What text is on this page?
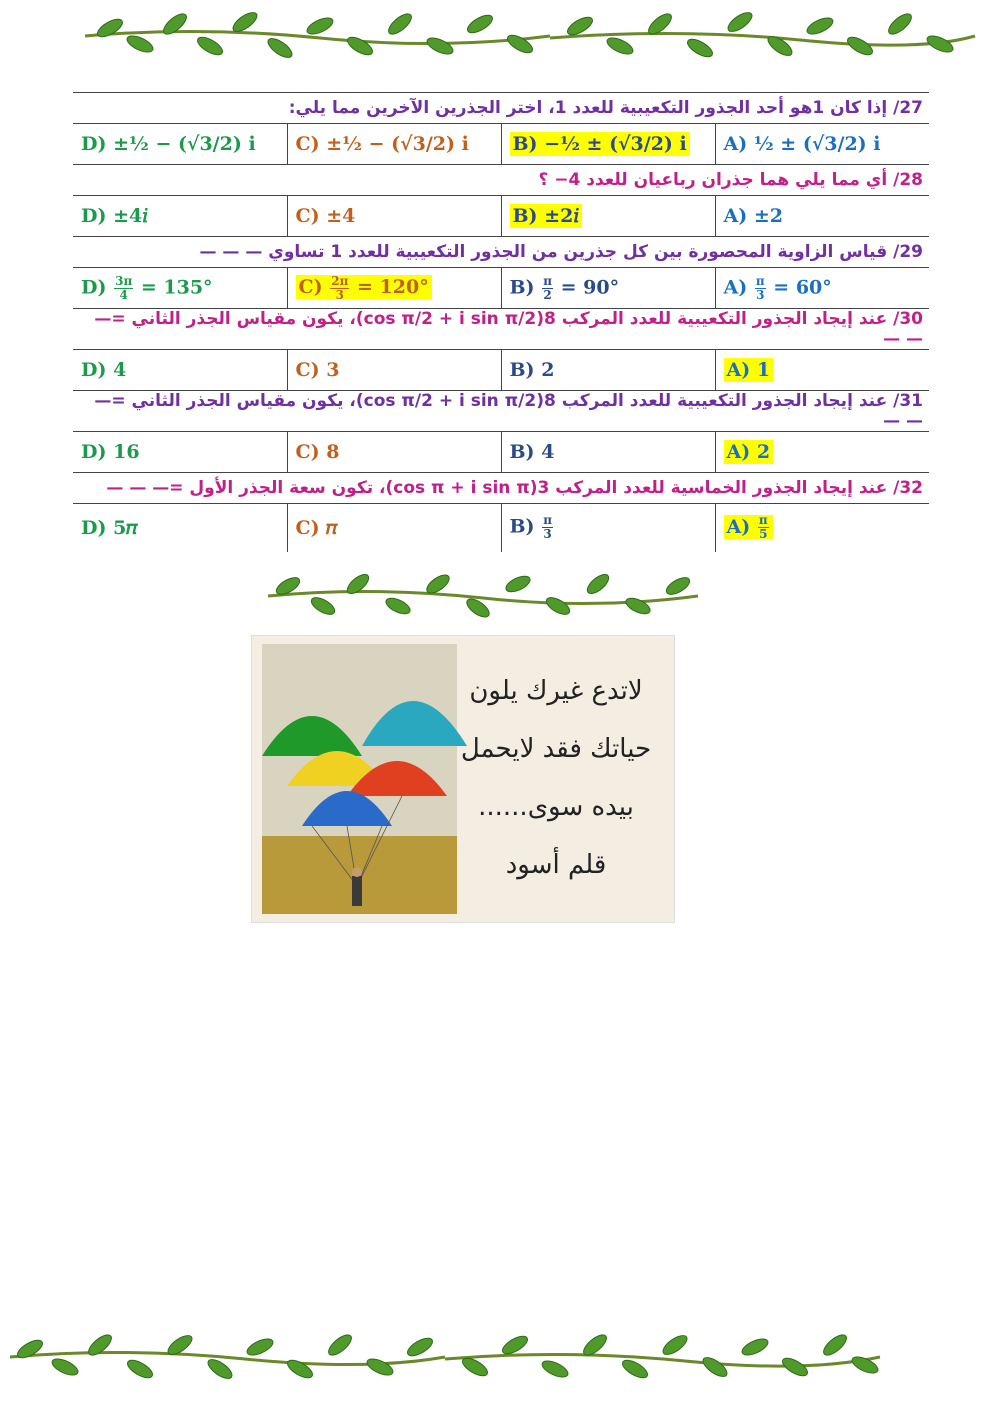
27/ إذا كان 1هو أحد الجذور التكعيبية للعدد 1، اختر الجذرين الآخرين مما يلي:			
D) ±½ − (√3/2) i	C) ±½ − (√3/2) i	B) −½ ± (√3/2) i	A) ½ ± (√3/2) i
28/ أي مما يلي هما جذران رباعيان للعدد 4− ؟			
D) ±4𝑖	C) ±4	B) ±2𝑖	A) ±2
29/ قياس الزاوية المحصورة بين كل جذرين من الجذور التكعيبية للعدد 1 تساوي — — —			
$D) \frac{3\pi}{4} = 135^\circ$	$C) \frac{2\pi}{3} = 120^\circ$	$B) \frac{\pi}{2} = 90^\circ$	$A) \frac{\pi}{3} = 60^\circ$
30/ عند إيجاد الجذور التكعيبية للعدد المركب 8(cos π/2 + i sin π/2)، يكون مقياس الجذر الثاني =— — —			
D) 4	C) 3	B) 2	A) 1
31/ عند إيجاد الجذور التكعيبية للعدد المركب 8(cos π/2 + i sin π/2)، يكون مقياس الجذر الثاني =— — —			
D) 16	C) 8	B) 4	A) 2
32/ عند إيجاد الجذور الخماسية للعدد المركب 3(cos π + i sin π)، تكون سعة الجذر الأول =— — —			
D) 5𝜋	C) 𝜋	$B) \frac{\pi}{3}$	$A) \frac{\pi}{5}$
لاتدع غيرك يلون
حياتك فقد لايحمل
بيده سوى......
قلم أسود
